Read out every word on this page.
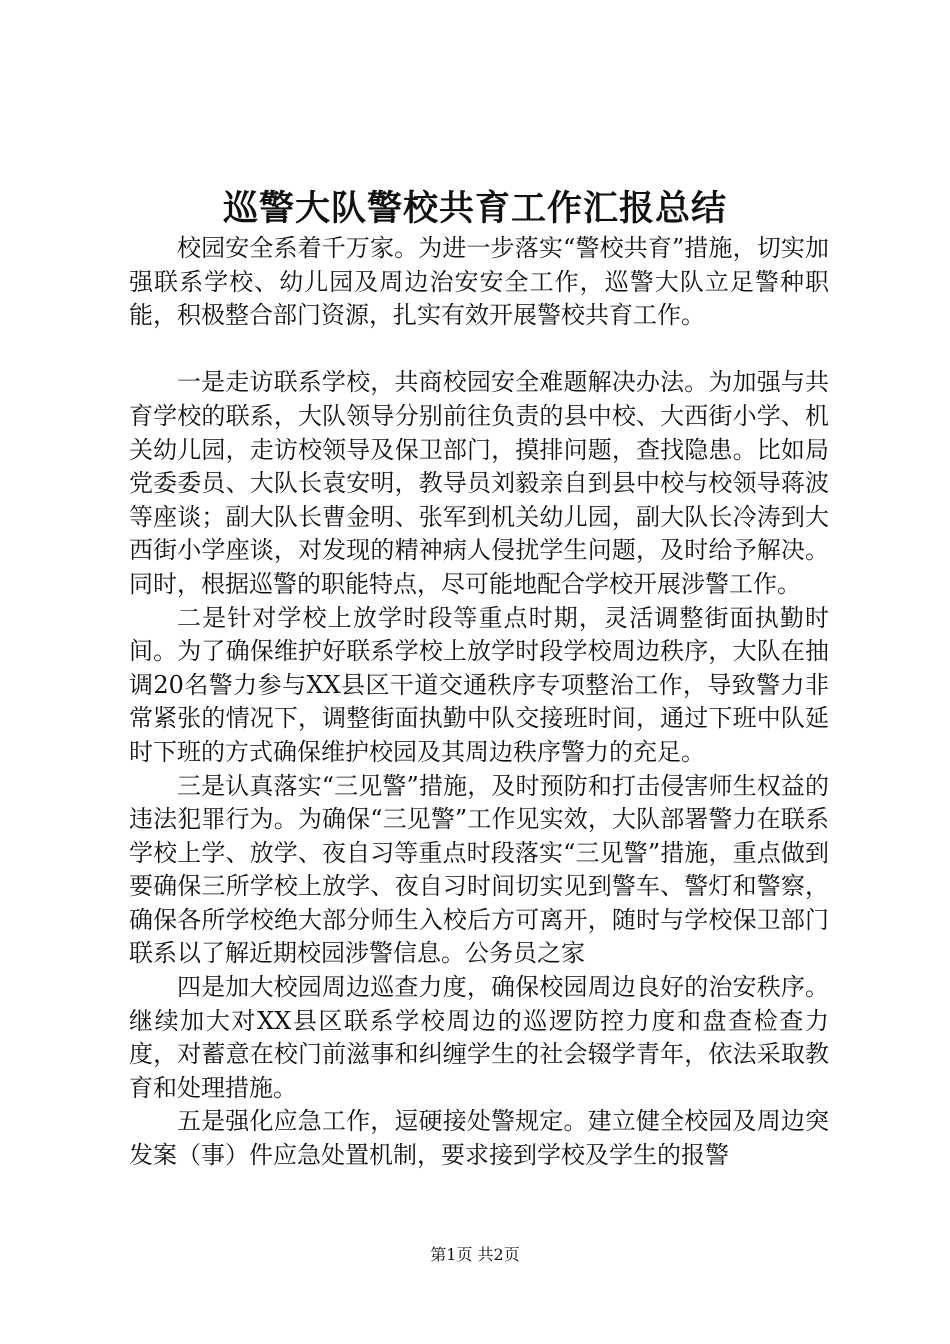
巡警大队警校共育工作汇报总结

校园安全系着千万家。为进一步落实“警校共育”措施，切实加强联系学校、幼儿园及周边治安安全工作，巡警大队立足警种职能，积极整合部门资源，扎实有效开展警校共育工作。

一是走访联系学校，共商校园安全难题解决办法。为加强与共育学校的联系，大队领导分别前往负责的县中校、大西街小学、机关幼儿园，走访校领导及保卫部门，摸排问题，查找隐患。比如局党委委员、大队长袁安明，教导员刘毅亲自到县中校与校领导蒋波等座谈；副大队长曹金明、张军到机关幼儿园，副大队长冷涛到大西街小学座谈，对发现的精神病人侵扰学生问题，及时给予解决。同时，根据巡警的职能特点，尽可能地配合学校开展涉警工作。

二是针对学校上放学时段等重点时期，灵活调整街面执勤时间。为了确保维护好联系学校上放学时段学校周边秩序，大队在抽调20名警力参与XX县区干道交通秩序专项整治工作，导致警力非常紧张的情况下，调整街面执勤中队交接班时间，通过下班中队延时下班的方式确保维护校园及其周边秩序警力的充足。

三是认真落实“三见警”措施，及时预防和打击侵害师生权益的违法犯罪行为。为确保“三见警”工作见实效，大队部署警力在联系学校上学、放学、夜自习等重点时段落实“三见警”措施，重点做到要确保三所学校上放学、夜自习时间切实见到警车、警灯和警察，确保各所学校绝大部分师生入校后方可离开，随时与学校保卫部门联系以了解近期校园涉警信息。公务员之家

四是加大校园周边巡查力度，确保校园周边良好的治安秩序。继续加大对XX县区联系学校周边的巡逻防控力度和盘查检查力度，对蓄意在校门前滋事和纠缠学生的社会辍学青年，依法采取教育和处理措施。

五是强化应急工作，逗硬接处警规定。建立健全校园及周边突发案（事）件应急处置机制，要求接到学校及学生的报警

第1页 共2页
